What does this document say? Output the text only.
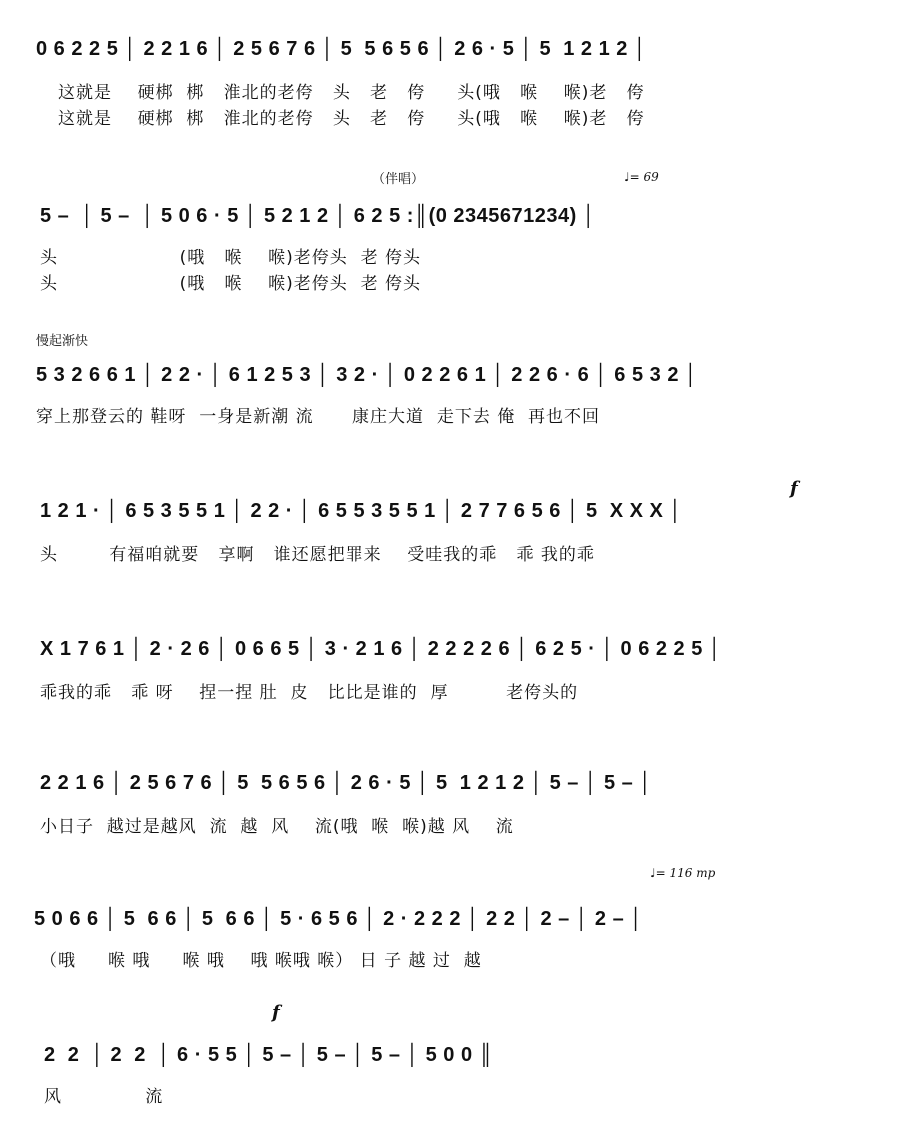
0 6 2 2 5 │ 2 2 1 6 │ 2 5 6 7 6 │ 5  5 6 5 6 │ 2 6 · 5 │ 5  1 2 1 2 │
这就是    硬梆  梆   淮北的老侉   头   老   侉     头(哦   喉    喉)老   侉
这就是    硬梆  梆   淮北的老侉   头   老   侉     头(哦   喉    喉)老   侉
（伴唱）	♩= 69
5 –  │ 5 –  │ 5 0 6 · 5 │ 5 2 1 2 │ 6 2 5 :║(0 2345671234) │
头                   (哦   喉    喉)老侉头  老 侉头
头                   (哦   喉    喉)老侉头  老 侉头
慢起渐快
5 3 2 6 6 1 │ 2 2 · │ 6 1 2 5 3 │ 3 2 · │ 0 2 2 6 1 │ 2 2 6 · 6 │ 6 5 3 2 │
穿上那登云的 鞋呀  一身是新潮 流      康庄大道  走下去 俺  再也不回
f
1 2 1 · │ 6 5 3 5 5 1 │ 2 2 · │ 6 5 5 3 5 5 1 │ 2 7 7 6 5 6 │ 5  X X X │
头        有福咱就要   享啊   谁还愿把罪来    受哇我的乖   乖 我的乖
X 1 7 6 1 │ 2 · 2 6 │ 0 6 6 5 │ 3 · 2 1 6 │ 2 2 2 2 6 │ 6 2 5 · │ 0 6 2 2 5 │
乖我的乖   乖 呀    捏一捏 肚  皮   比比是谁的  厚         老侉头的
2 2 1 6 │ 2 5 6 7 6 │ 5  5 6 5 6 │ 2 6 · 5 │ 5  1 2 1 2 │ 5 – │ 5 – │
小日子  越过是越风  流  越  风    流(哦  喉  喉)越 风    流
♩= 116 mp
5 0 6 6 │ 5  6 6 │ 5  6 6 │ 5 · 6 5 6 │ 2 · 2 2 2 │ 2 2 │ 2 – │ 2 – │
（哦     喉 哦     喉 哦    哦 喉哦 喉） 日 子 越 过  越
f
2  2  │ 2  2  │ 6 · 5 5 │ 5 – │ 5 – │ 5 – │ 5 0 0 ║
风             流
